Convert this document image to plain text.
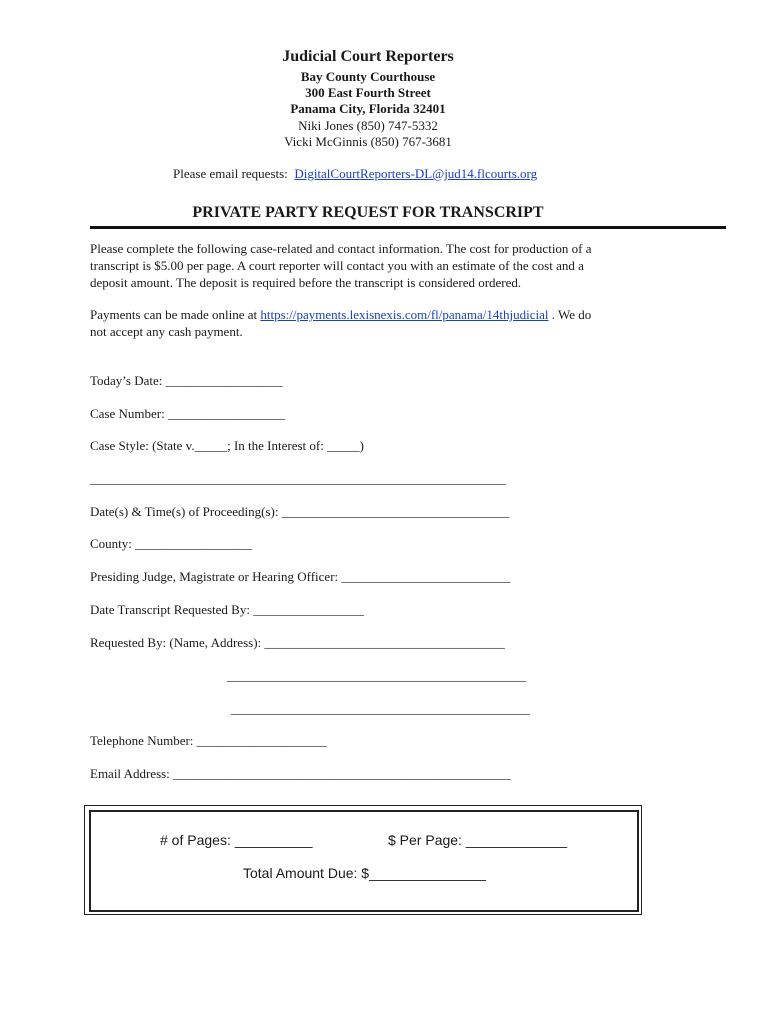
Judicial Court Reporters
Bay County Courthouse
300 East Fourth Street
Panama City, Florida 32401
Niki Jones (850) 747-5332
Vicki McGinnis (850) 767-3681
Please email requests: DigitalCourtReporters-DL@jud14.flcourts.org
PRIVATE PARTY REQUEST FOR TRANSCRIPT
Please complete the following case-related and contact information. The cost for production of a
transcript is $5.00 per page. A court reporter will contact you with an estimate of the cost and a
deposit amount. The deposit is required before the transcript is considered ordered.
Payments can be made online at https://payments.lexisnexis.com/fl/panama/14thjudicial . We do
not accept any cash payment.
Today’s Date: __________________
Case Number: __________________
Case Style: (State v._____; In the Interest of: _____)
________________________________________________________________
Date(s) & Time(s) of Proceeding(s): ___________________________________
County: __________________
Presiding Judge, Magistrate or Hearing Officer: __________________________
Date Transcript Requested By: _________________
Requested By: (Name, Address): _____________________________________
______________________________________________
______________________________________________
Telephone Number: ____________________
Email Address: ____________________________________________________
# of Pages: __________	$ Per Page: _____________
Total Amount Due: $_______________
